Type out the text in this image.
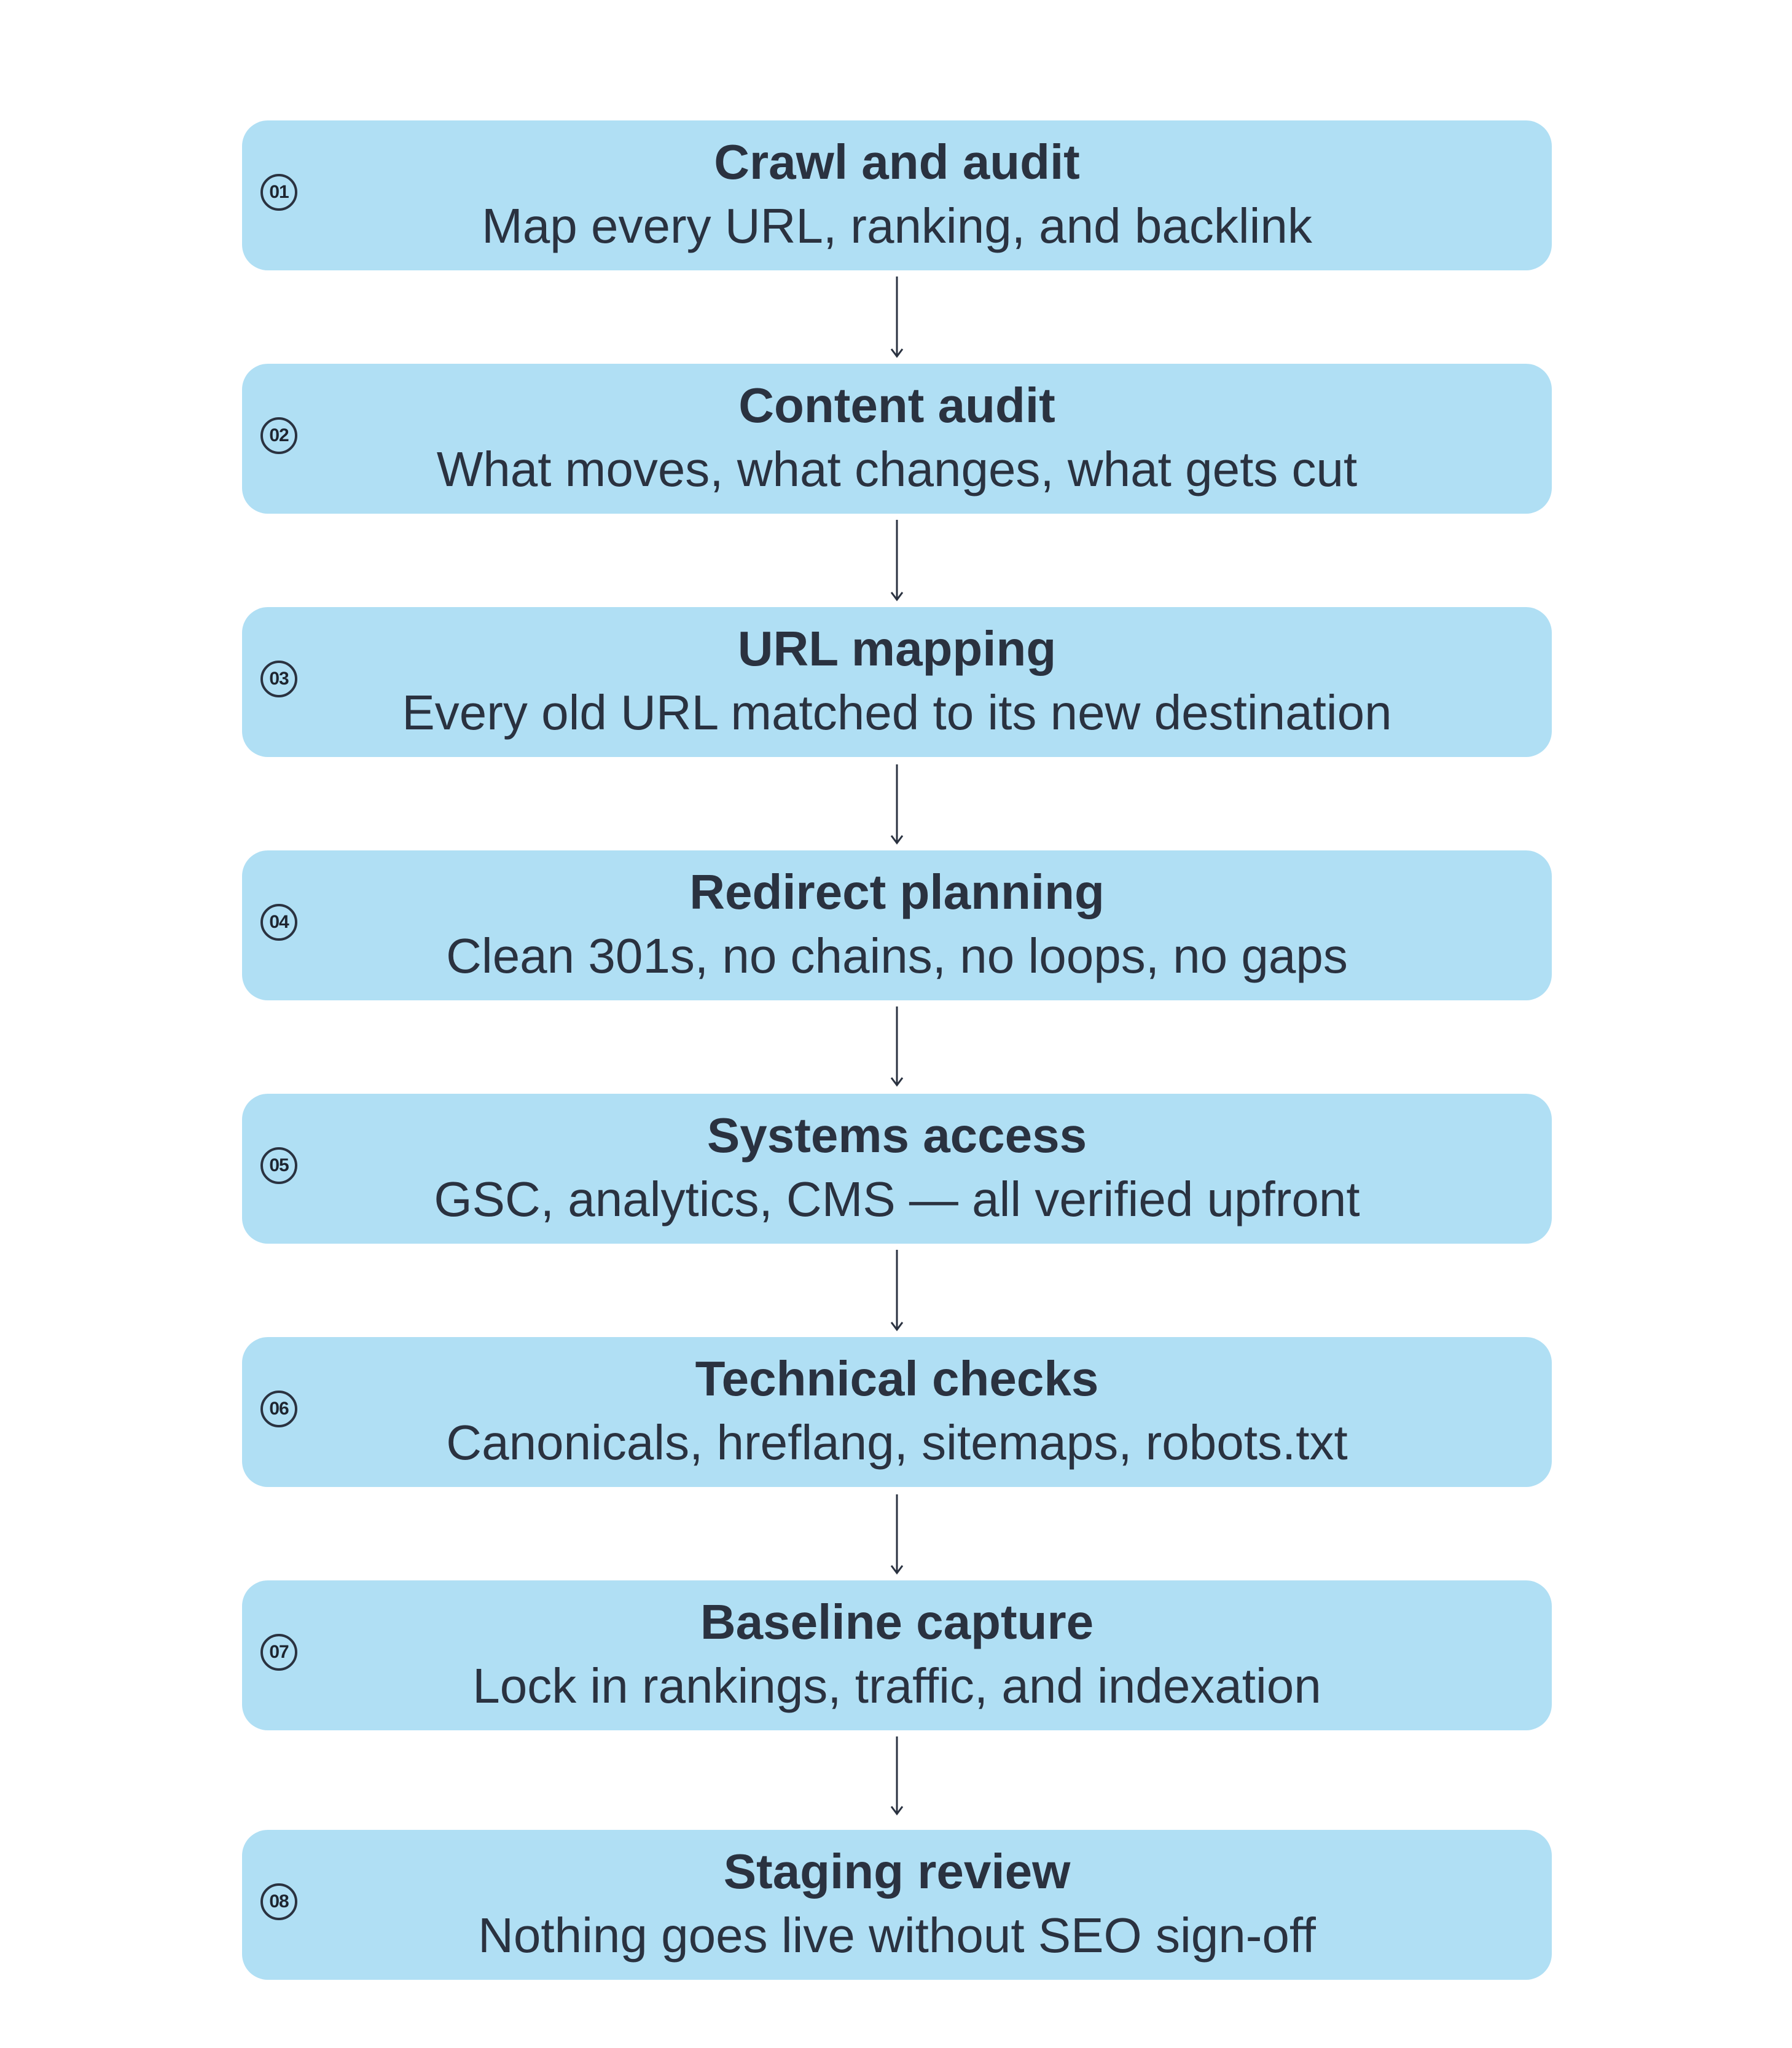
01
Crawl and audit
Map every URL, ranking, and backlink
02
Content audit
What moves, what changes, what gets cut
03
URL mapping
Every old URL matched to its new destination
04
Redirect planning
Clean 301s, no chains, no loops, no gaps
05
Systems access
GSC, analytics, CMS — all verified upfront
06
Technical checks
Canonicals, hreflang, sitemaps, robots.txt
07
Baseline capture
Lock in rankings, traffic, and indexation
08
Staging review
Nothing goes live without SEO sign-off
